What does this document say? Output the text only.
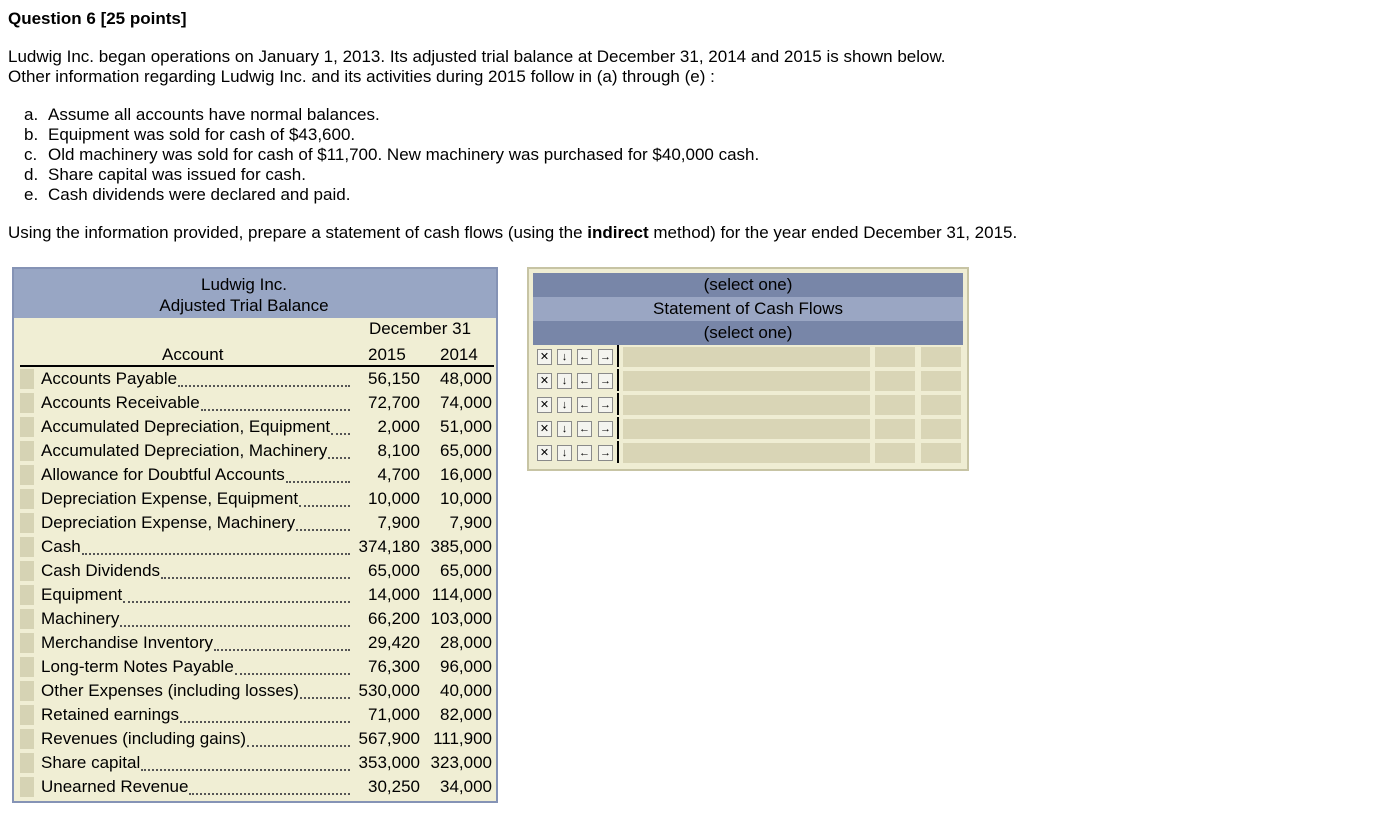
Question 6 [25 points]
Ludwig Inc. began operations on January 1, 2013. Its adjusted trial balance at December 31, 2014 and 2015 is shown below.
Other information regarding Ludwig Inc. and its activities during 2015 follow in (a) through (e) :
a. Assume all accounts have normal balances.
b. Equipment was sold for cash of $43,600.
c. Old machinery was sold for cash of $11,700. New machinery was purchased for $40,000 cash.
d. Share capital was issued for cash.
e. Cash dividends were declared and paid.
Using the information provided, prepare a statement of cash flows (using the indirect method) for the year ended December 31, 2015.
Ludwig Inc.
Adjusted Trial Balance
December 31
Account	2015 2014
Accounts Payable	56,150 48,000
Accounts Receivable	72,700 74,000
Accumulated Depreciation, Equipment	2,000 51,000
Accumulated Depreciation, Machinery	8,100 65,000
Allowance for Doubtful Accounts	4,700 16,000
Depreciation Expense, Equipment	10,000 10,000
Depreciation Expense, Machinery	7,900 7,900
Cash	374,180 385,000
Cash Dividends	65,000 65,000
Equipment	14,000 114,000
Machinery	66,200 103,000
Merchandise Inventory	29,420 28,000
Long-term Notes Payable	76,300 96,000
Other Expenses (including losses)	530,000 40,000
Retained earnings	71,000 82,000
Revenues (including gains)	567,900 111,900
Share capital	353,000 323,000
Unearned Revenue	30,250 34,000
(select one)
Statement of Cash Flows
(select one)
✕	↓	← →
✕	↓	← →
✕	↓	← →
✕	↓	← →
✕	↓	← →
